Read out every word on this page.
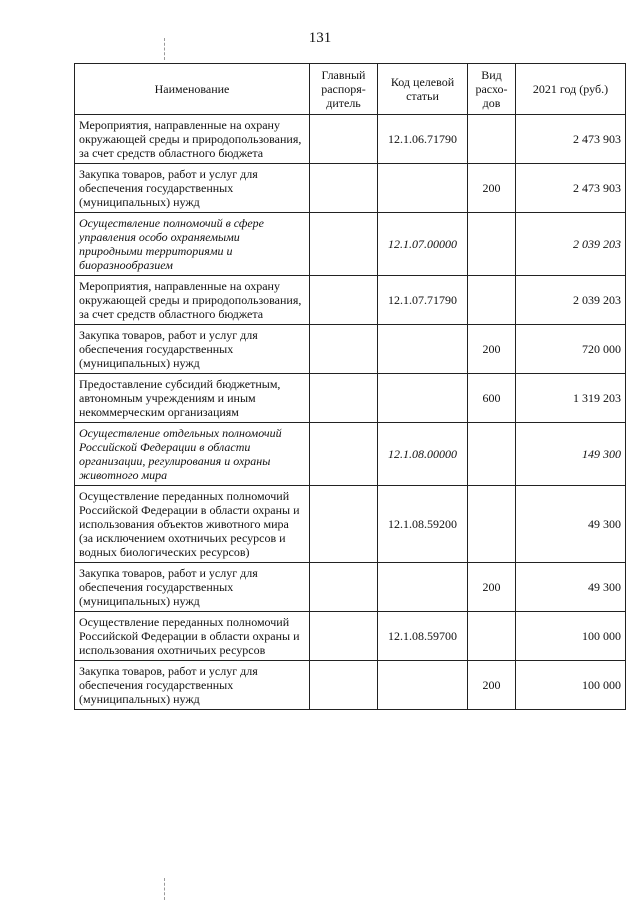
131
Наименование	Главный распоря-дитель	Код целевой статьи	Вид расхо-дов	2021 год (руб.)
Мероприятия, направленные на охрану окружающей среды и природопользования, за счет средств областного бюджета		12.1.06.71790		2 473 903
Закупка товаров, работ и услуг для обеспечения государственных (муниципальных) нужд			200	2 473 903
Осуществление полномочий в сфере управления особо охраняемыми природными территориями и биоразнообразием		12.1.07.00000		2 039 203
Мероприятия, направленные на охрану окружающей среды и природопользования, за счет средств областного бюджета		12.1.07.71790		2 039 203
Закупка товаров, работ и услуг для обеспечения государственных (муниципальных) нужд			200	720 000
Предоставление субсидий бюджетным, автономным учреждениям и иным некоммерческим организациям			600	1 319 203
Осуществление отдельных полномочий Российской Федерации в области организации, регулирования и охраны животного мира		12.1.08.00000		149 300
Осуществление переданных полномочий Российской Федерации в области охраны и использования объектов животного мира (за исключением охотничьих ресурсов и водных биологических ресурсов)		12.1.08.59200		49 300
Закупка товаров, работ и услуг для обеспечения государственных (муниципальных) нужд			200	49 300
Осуществление переданных полномочий Российской Федерации в области охраны и использования охотничьих ресурсов		12.1.08.59700		100 000
Закупка товаров, работ и услуг для обеспечения государственных (муниципальных) нужд			200	100 000
